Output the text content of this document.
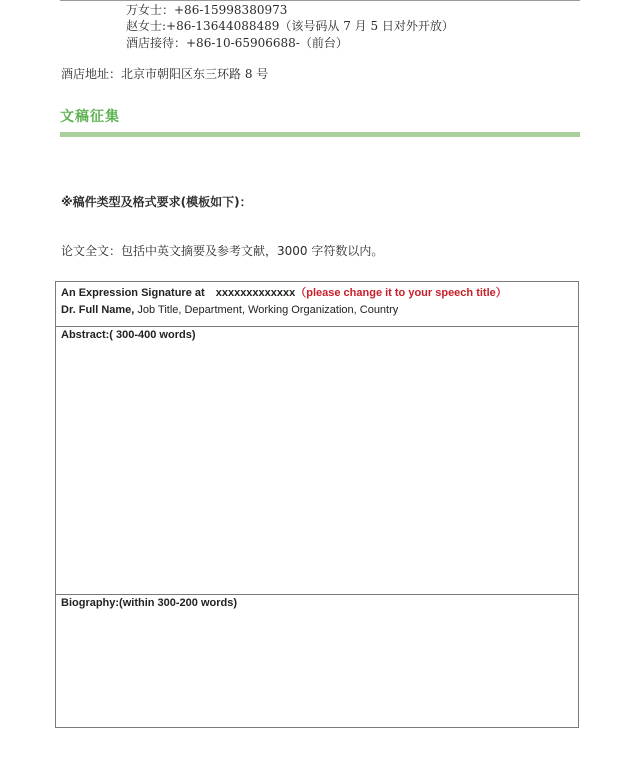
万女士：+86-15998380973
赵女士:+86-13644088489（该号码从 7 月 5 日对外开放）
酒店接待：+86-10-65906688-（前台）
酒店地址：北京市朝阳区东三环路 8 号
文稿征集
※稿件类型及格式要求(模板如下)：
论文全文：包括中英文摘要及参考文献，3000 字符数以内。
An Expression Signature at xxxxxxxxxxxxx（please change it to your speech title）
Dr. Full Name, Job Title, Department, Working Organization, Country
Abstract:( 300-400 words)
Biography:(within 300-200 words)
